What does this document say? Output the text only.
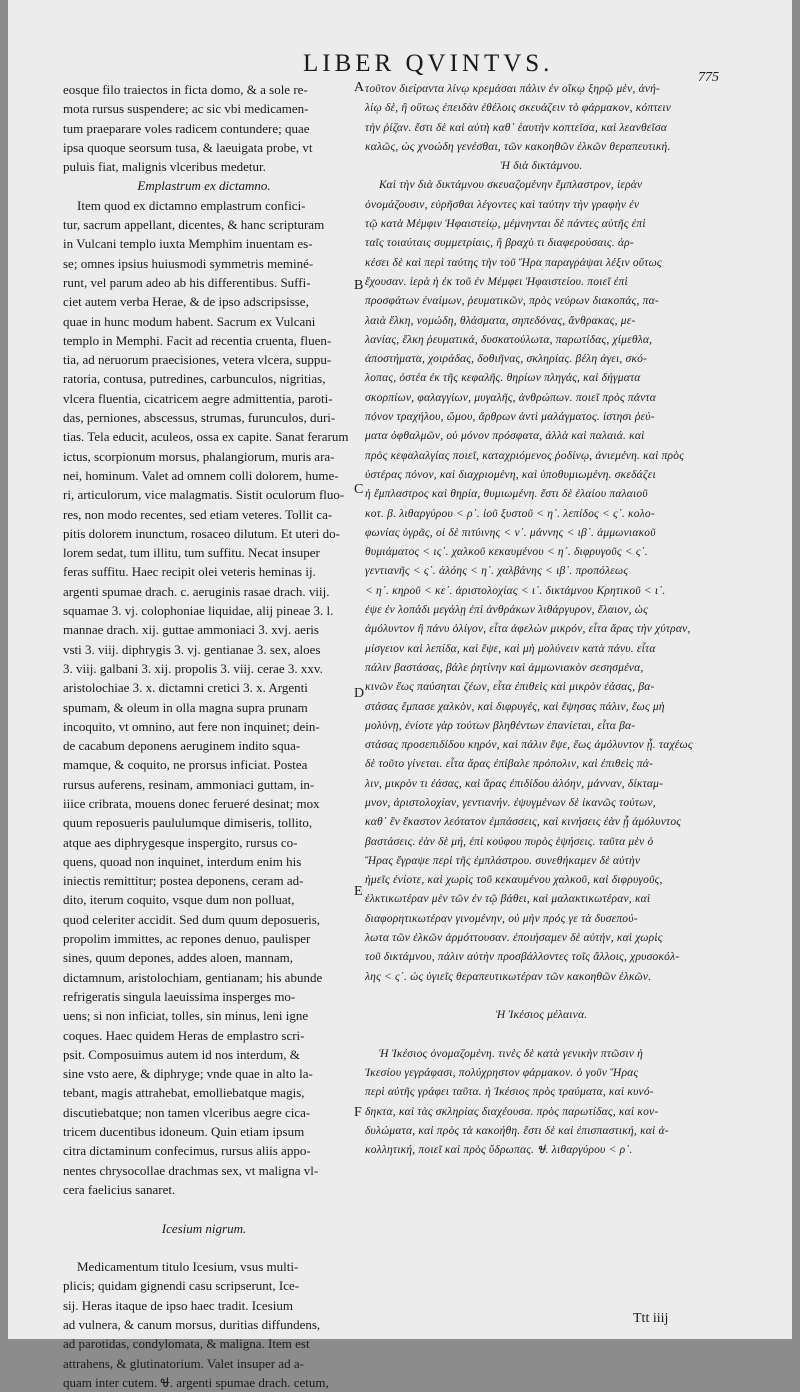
LIBER QVINTVS.
775
A
B
C
D
E
F
eosque filo traiectos in ficta domo, & a sole re-
mota rursus suspendere; ac sic vbi medicamen-
tum praeparare voles radicem contundere; quae
ipsa quoque seorsum tusa, & laeuigata probe, vt
puluis fiat, malignis vlceribus medetur.
Emplastrum ex dictamno.
Item quod ex dictamno emplastrum confici-
tur, sacrum appellant, dicentes, & hanc scripturam
in Vulcani templo iuxta Memphim inuentam es-
se; omnes ipsius huiusmodi symmetris meminé-
runt, vel parum adeo ab his differentibus. Suffi-
ciet autem verba Herae, & de ipso adscripsisse,
quae in hunc modum habent. Sacrum ex Vulcani
templo in Memphi. Facit ad recentia cruenta, fluen-
tia, ad neruorum praecisiones, vetera vlcera, suppu-
ratoria, contusa, putredines, carbunculos, nigritias,
vlcera fluentia, cicatricem aegre admittentia, paroti-
das, perniones, abscessus, strumas, furunculos, duri-
tias. Tela educit, aculeos, ossa ex capite. Sanat ferarum
ictus, scorpionum morsus, phalangiorum, muris ara-
nei, hominum. Valet ad omnem colli dolorem, hume-
ri, articulorum, vice malagmatis. Sistit oculorum fluo-
res, non modo recentes, sed etiam veteres. Tollit ca-
pitis dolorem inunctum, rosaceo dilutum. Et uteri do-
lorem sedat, tum illitu, tum suffitu. Necat insuper
feras suffitu. Haec recipit olei veteris heminas ij.
argenti spumae drach. c. aeruginis rasae drach. viij.
squamae 3. vj. colophoniae liquidae, alij pineae 3. l.
mannae drach. xij. guttae ammoniaci 3. xvj. aeris
vsti 3. viij. diphrygis 3. vj. gentianae 3. sex, aloes
3. viij. galbani 3. xij. propolis 3. viij. cerae 3. xxv.
aristolochiae 3. x. dictamni cretici 3. x. Argenti
spumam, & oleum in olla magna supra prunam
incoquito, vt omnino, aut fere non inquinet; dein-
de cacabum deponens aeruginem indito squa-
mamque, & coquito, ne prorsus inficiat. Postea
rursus auferens, resinam, ammoniaci guttam, in-
iiice cribrata, mouens donec ferueré desinat; mox
quum reposueris paululumque dimiseris, tollito,
atque aes diphrygesque inspergito, rursus co-
quens, quoad non inquinet, interdum enim his
iniectis remittitur; postea deponens, ceram ad-
dito, iterum coquito, vsque dum non polluat,
quod celeriter accidit. Sed dum quum deposueris,
propolim immittes, ac repones denuo, paulisper
sines, quum depones, addes aloen, mannam,
dictamnum, aristolochiam, gentianam; his abunde
refrigeratis singula laeuissima insperges mo-
uens; si non inficiat, tolles, sin minus, leni igne
coques. Haec quidem Heras de emplastro scri-
psit. Composuimus autem id nos interdum, &
sine vsto aere, & diphryge; vnde quae in alto la-
tebant, magis attrahebat, emolliebatque magis,
discutiebatque; non tamen vlceribus aegre cica-
tricem ducentibus idoneum. Quin etiam ipsum
citra dictaminum confecimus, rursus aliis appo-
nentes chrysocollae drachmas sex, vt maligna vl-
cera faelicius sanaret.
Icesium nigrum.
Medicamentum titulo Icesium, vsus multi-
plicis; quidam gignendi casu scripserunt, Ice-
sij. Heras itaque de ipso haec tradit. Icesium
ad vulnera, & canum morsus, duritias diffundens,
ad parotidas, condylomata, & maligna. Item est
attrahens, & glutinatorium. Valet insuper ad a-
quam inter cutem. Ꮰ. argenti spumae drach. cetum,
τοῦτον διείραντα λίνῳ κρεμάσαι πάλιν ἐν οἴκῳ ξηρῷ μὲν, ἀνή-
λίῳ δὲ, ἢ οὕτως ἐπειδὰν ἐθέλοις σκευάζειν τὸ φάρμακον, κόπτειν
τὴν ῥίζαν. ἔστι δὲ καὶ αὐτὴ καθ᾽ ἑαυτὴν κοπτεῖσα, καὶ λεανθεῖσα
καλῶς, ὡς χνοώδη γενέσθαι, τῶν κακοηθῶν ἑλκῶν θεραπευτική.
Ἡ διὰ δικτάμνου.
Καὶ τὴν διὰ δικτάμνου σκευαζομένην ἔμπλαστρον, ἱερὰν
ὀνομάζουσιν, εὑρῆσθαι λέγοντες καὶ ταύτην τὴν γραφὴν ἐν
τῷ κατὰ Μέμφιν Ἡφαιστείῳ, μέμνηνται δὲ πάντες αὐτῆς ἐπὶ
ταῖς τοιαύταις συμμετρίαις, ἢ βραχὺ τι διαφερούσαις. ἀρ-
κέσει δὲ καὶ περὶ ταύτης τὴν τοῦ Ἥρα παραγράψαι λέξιν οὕτως
ἔχουσαν. ἱερὰ ἡ ἐκ τοῦ ἐν Μέμφει Ἡφαιστείου. ποιεῖ ἐπὶ
προσφάτων ἐναίμων, ῥευματικῶν, πρὸς νεύρων διακοπάς, πα-
λαιὰ ἕλκη, νομώδη, θλάσματα, σηπεδόνας, ἄνθρακας, με-
λανίας, ἕλκη ῥευματικά, δυσκατούλωτα, παρωτίδας, χίμεθλα,
ἀποστήματα, χοιράδας, δοθιῆνας, σκληρίας. βέλη ἀγει, σκό-
λοπας, ὀστέα ἐκ τῆς κεφαλῆς. θηρίων πληγάς, καὶ δήγματα
σκορπίων, φαλαγγίων, μυγαλῆς, ἀνθρώπων. ποιεῖ πρὸς πάντα
πόνον τραχήλου, ὤμου, ἄρθρων ἀντὶ μαλάγματος. ἱστησι ῥεύ-
ματα ὀφθαλμῶν, οὐ μόνον πρόσφατα, ἀλλὰ καὶ παλαιά. καὶ
πρὸς κεφαλαλγίας ποιεῖ, καταχριόμενος ῥοδίνῳ, ἀνιεμένη. καὶ πρὸς
ὑστέρας πόνον, καὶ διαχριομένη, καὶ ὑποθυμιωμένη. σκεδάζει
ἡ ἔμπλαστρος καὶ θηρία, θυμιωμένη. ἔστι δὲ ἐλαίου παλαιοῦ
κοτ. β. λιθαργύρου < ρ᾽. ἰοῦ ξυστοῦ < η᾽. λεπίδος < ς᾽. κολο-
φωνίας ὑγρᾶς, οἱ δὲ πιτύινης < ν᾽. μάννης < ιβ᾽. ἀμμωνιακοῦ
θυμιάματος < ις᾽. χαλκοῦ κεκαυμένου < η᾽. διφρυγοῦς < ς᾽.
γεντιανῆς < ς᾽. ἀλόης < η᾽. χαλβάνης < ιβ᾽. προπόλεως
< η᾽. κηροῦ < κε᾽. ἀριστολοχίας < ι᾽. δικτάμνου Κρητικοῦ < ι᾽.
ἐψε ἐν λοπάδι μεγάλῃ ἐπὶ ἀνθράκων λιθάργυρον, ἔλαιον, ὡς
ἀμόλυντον ἢ πάνυ ὀλίγον, εἶτα ἀφελὼν μικρόν, εἶτα ἄρας τὴν χύτραν,
μίσγειον καὶ λεπίδα, καὶ ἕψε, καὶ μὴ μολύνειν κατὰ πάνυ. εἶτα
πάλιν βαστάσας, βάλε ῥητίνην καὶ ἀμμωνιακὸν σεσησμένα,
κινῶν ἕως παύσηται ζέων, εἶτα ἐπιθεὶς καὶ μικρὸν ἐάσας, βα-
στάσας ἔμπασε χαλκὸν, καὶ διφρυγές, καὶ ἕψησας πάλιν, ἕως μὴ
μολύνῃ, ἐνίοτε γὰρ τούτων βληθέντων ἐπανίεται, εἶτα βα-
στάσας προσεπιδίδου κηρόν, καὶ πάλιν ἕψε, ἕως ἀμόλυντον ᾖ. ταχέως
δὲ τοῦτο γίνεται. εἶτα ἄρας ἐπίβαλε πρόπολιν, καὶ ἐπιθεὶς πά-
λιν, μικρὸν τι ἐάσας, καὶ ἄρας ἐπιδίδου ἀλόην, μάνναν, δίκταμ-
μνον, ἀριστολοχίαν, γεντιανήν. ἐψυγμένων δὲ ἱκανῶς τούτων,
καθ᾽ ἓν ἕκαστον λεότατον ἐμπάσσεις, καὶ κινήσεις ἐὰν ᾖ ἀμόλυντος
βαστάσεις. ἐὰν δὲ μή, ἐπὶ κούφου πυρὸς ἑψήσεις. ταῦτα μὲν ὁ
Ἥρας ἔγραψε περὶ τῆς ἐμπλάστρου. συνεθήκαμεν δὲ αὐτὴν
ἡμεῖς ἐνίοτε, καὶ χωρὶς τοῦ κεκαυμένου χαλκοῦ, καὶ διφρυγοῦς,
ἑλκτικωτέραν μὲν τῶν ἐν τῷ βάθει, καὶ μαλακτικωτέραν, καὶ
διαφορητικωτέραν γινομένην, οὐ μὴν πρός γε τὰ δυσεπού-
λωτα τῶν ἑλκῶν ἁρμόττουσαν. ἐποιήσαμεν δὲ αὐτήν, καὶ χωρὶς
τοῦ δικτάμνου, πάλιν αὐτὴν προσβάλλοντες τοῖς ἄλλοις, χρυσοκόλ-
λης < ς᾽. ὡς ὑγιεῖς θεραπευτικωτέραν τῶν κακοηθῶν ἑλκῶν.
Ἡ Ἰκέσιος μέλαινα.
Ἡ Ἰκέσιος ὀνομαζομένη. τινὲς δὲ κατὰ γενικὴν πτῶσιν ἡ
Ἰκεσίου γεγράφασι, πολύχρηστον φάρμακον. ὁ γοῦν Ἥρας
περὶ αὐτῆς γράφει ταῦτα. ἡ Ἰκέσιος πρὸς τραύματα, καὶ κυνό-
δηκτα, καὶ τὰς σκληρίας διαχέουσα. πρὸς παρωτίδας, καὶ κον-
δυλώματα, καὶ πρὸς τὰ κακοήθη. ἔστι δὲ καὶ ἐπισπαστική, καὶ ἀ-
κολλητική, ποιεῖ καὶ πρὸς ὕδρωπας. Ꮰ. λιθαργύρου < ρ᾽.
Ttt iiij
